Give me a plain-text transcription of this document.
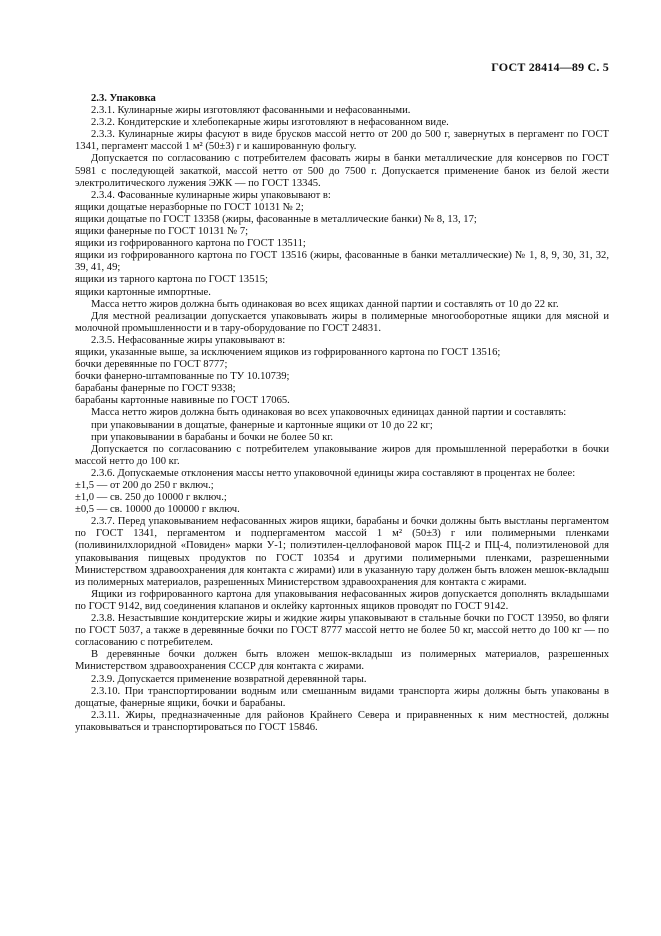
ГОСТ 28414—89 С. 5

2.3. Упаковка

2.3.1. Кулинарные жиры изготовляют фасованными и нефасованными.

2.3.2. Кондитерские и хлебопекарные жиры изготовляют в нефасованном виде.

2.3.3. Кулинарные жиры фасуют в виде брусков массой нетто от 200 до 500 г, завернутых в пергамент по ГОСТ 1341, пергамент массой 1 м² (50±3) г и кашированную фольгу.

Допускается по согласованию с потребителем фасовать жиры в банки металлические для консервов по ГОСТ 5981 с последующей закаткой, массой нетто от 500 до 7500 г. Допускается применение банок из белой жести электролитического лужения ЭЖК — по ГОСТ 13345.

2.3.4. Фасованные кулинарные жиры упаковывают в:

ящики дощатые неразборные по ГОСТ 10131 № 2;

ящики дощатые по ГОСТ 13358 (жиры, фасованные в металлические банки) № 8, 13, 17;

ящики фанерные по ГОСТ 10131 № 7;

ящики из гофрированного картона по ГОСТ 13511;

ящики из гофрированного картона по ГОСТ 13516 (жиры, фасованные в банки металлические) № 1, 8, 9, 30, 31, 32, 39, 41, 49;

ящики из тарного картона по ГОСТ 13515;

ящики картонные импортные.

Масса нетто жиров должна быть одинаковая во всех ящиках данной партии и составлять от 10 до 22 кг.

Для местной реализации допускается упаковывать жиры в полимерные многооборотные ящики для мясной и молочной промышленности и в тару-оборудование по ГОСТ 24831.

2.3.5. Нефасованные жиры упаковывают в:

ящики, указанные выше, за исключением ящиков из гофрированного картона по ГОСТ 13516;

бочки деревянные по ГОСТ 8777;

бочки фанерно-штампованные по ТУ 10.10739;

барабаны фанерные по ГОСТ 9338;

барабаны картонные навивные по ГОСТ 17065.

Масса нетто жиров должна быть одинаковая во всех упаковочных единицах данной партии и составлять:

при упаковывании в дощатые, фанерные и картонные ящики от 10 до 22 кг;

при упаковывании в барабаны и бочки не более 50 кг.

Допускается по согласованию с потребителем упаковывание жиров для промышленной переработки в бочки массой нетто до 100 кг.

2.3.6. Допускаемые отклонения массы нетто упаковочной единицы жира составляют в процентах не более:

±1,5 — от 200 до 250 г включ.;

±1,0 — св. 250 до 10000 г включ.;

±0,5 — св. 10000 до 100000 г включ.

2.3.7. Перед упаковыванием нефасованных жиров ящики, барабаны и бочки должны быть выстланы пергаментом по ГОСТ 1341, пергаментом и подпергаментом массой 1 м² (50±3) г или полимерными пленками (поливинилхлоридной «Повиден» марки У-1; полиэтилен-целлофановой марок ПЦ-2 и ПЦ-4, полиэтиленовой для упаковывания пищевых продуктов по ГОСТ 10354 и другими полимерными пленками, разрешенными Министерством здравоохранения для контакта с жирами) или в указанную тару должен быть вложен мешок-вкладыш из полимерных материалов, разрешенных Министерством здравоохранения для контакта с жирами.

Ящики из гофрированного картона для упаковывания нефасованных жиров допускается дополнять вкладышами по ГОСТ 9142, вид соединения клапанов и оклейку картонных ящиков проводят по ГОСТ 9142.

2.3.8. Незастывшие кондитерские жиры и жидкие жиры упаковывают в стальные бочки по ГОСТ 13950, во фляги по ГОСТ 5037, а также в деревянные бочки по ГОСТ 8777 массой нетто не более 50 кг, массой нетто до 100 кг — по согласованию с потребителем.

В деревянные бочки должен быть вложен мешок-вкладыш из полимерных материалов, разрешенных Министерством здравоохранения СССР для контакта с жирами.

2.3.9. Допускается применение возвратной деревянной тары.

2.3.10. При транспортировании водным или смешанным видами транспорта жиры должны быть упакованы в дощатые, фанерные ящики, бочки и барабаны.

2.3.11. Жиры, предназначенные для районов Крайнего Севера и приравненных к ним местностей, должны упаковываться и транспортироваться по ГОСТ 15846.
